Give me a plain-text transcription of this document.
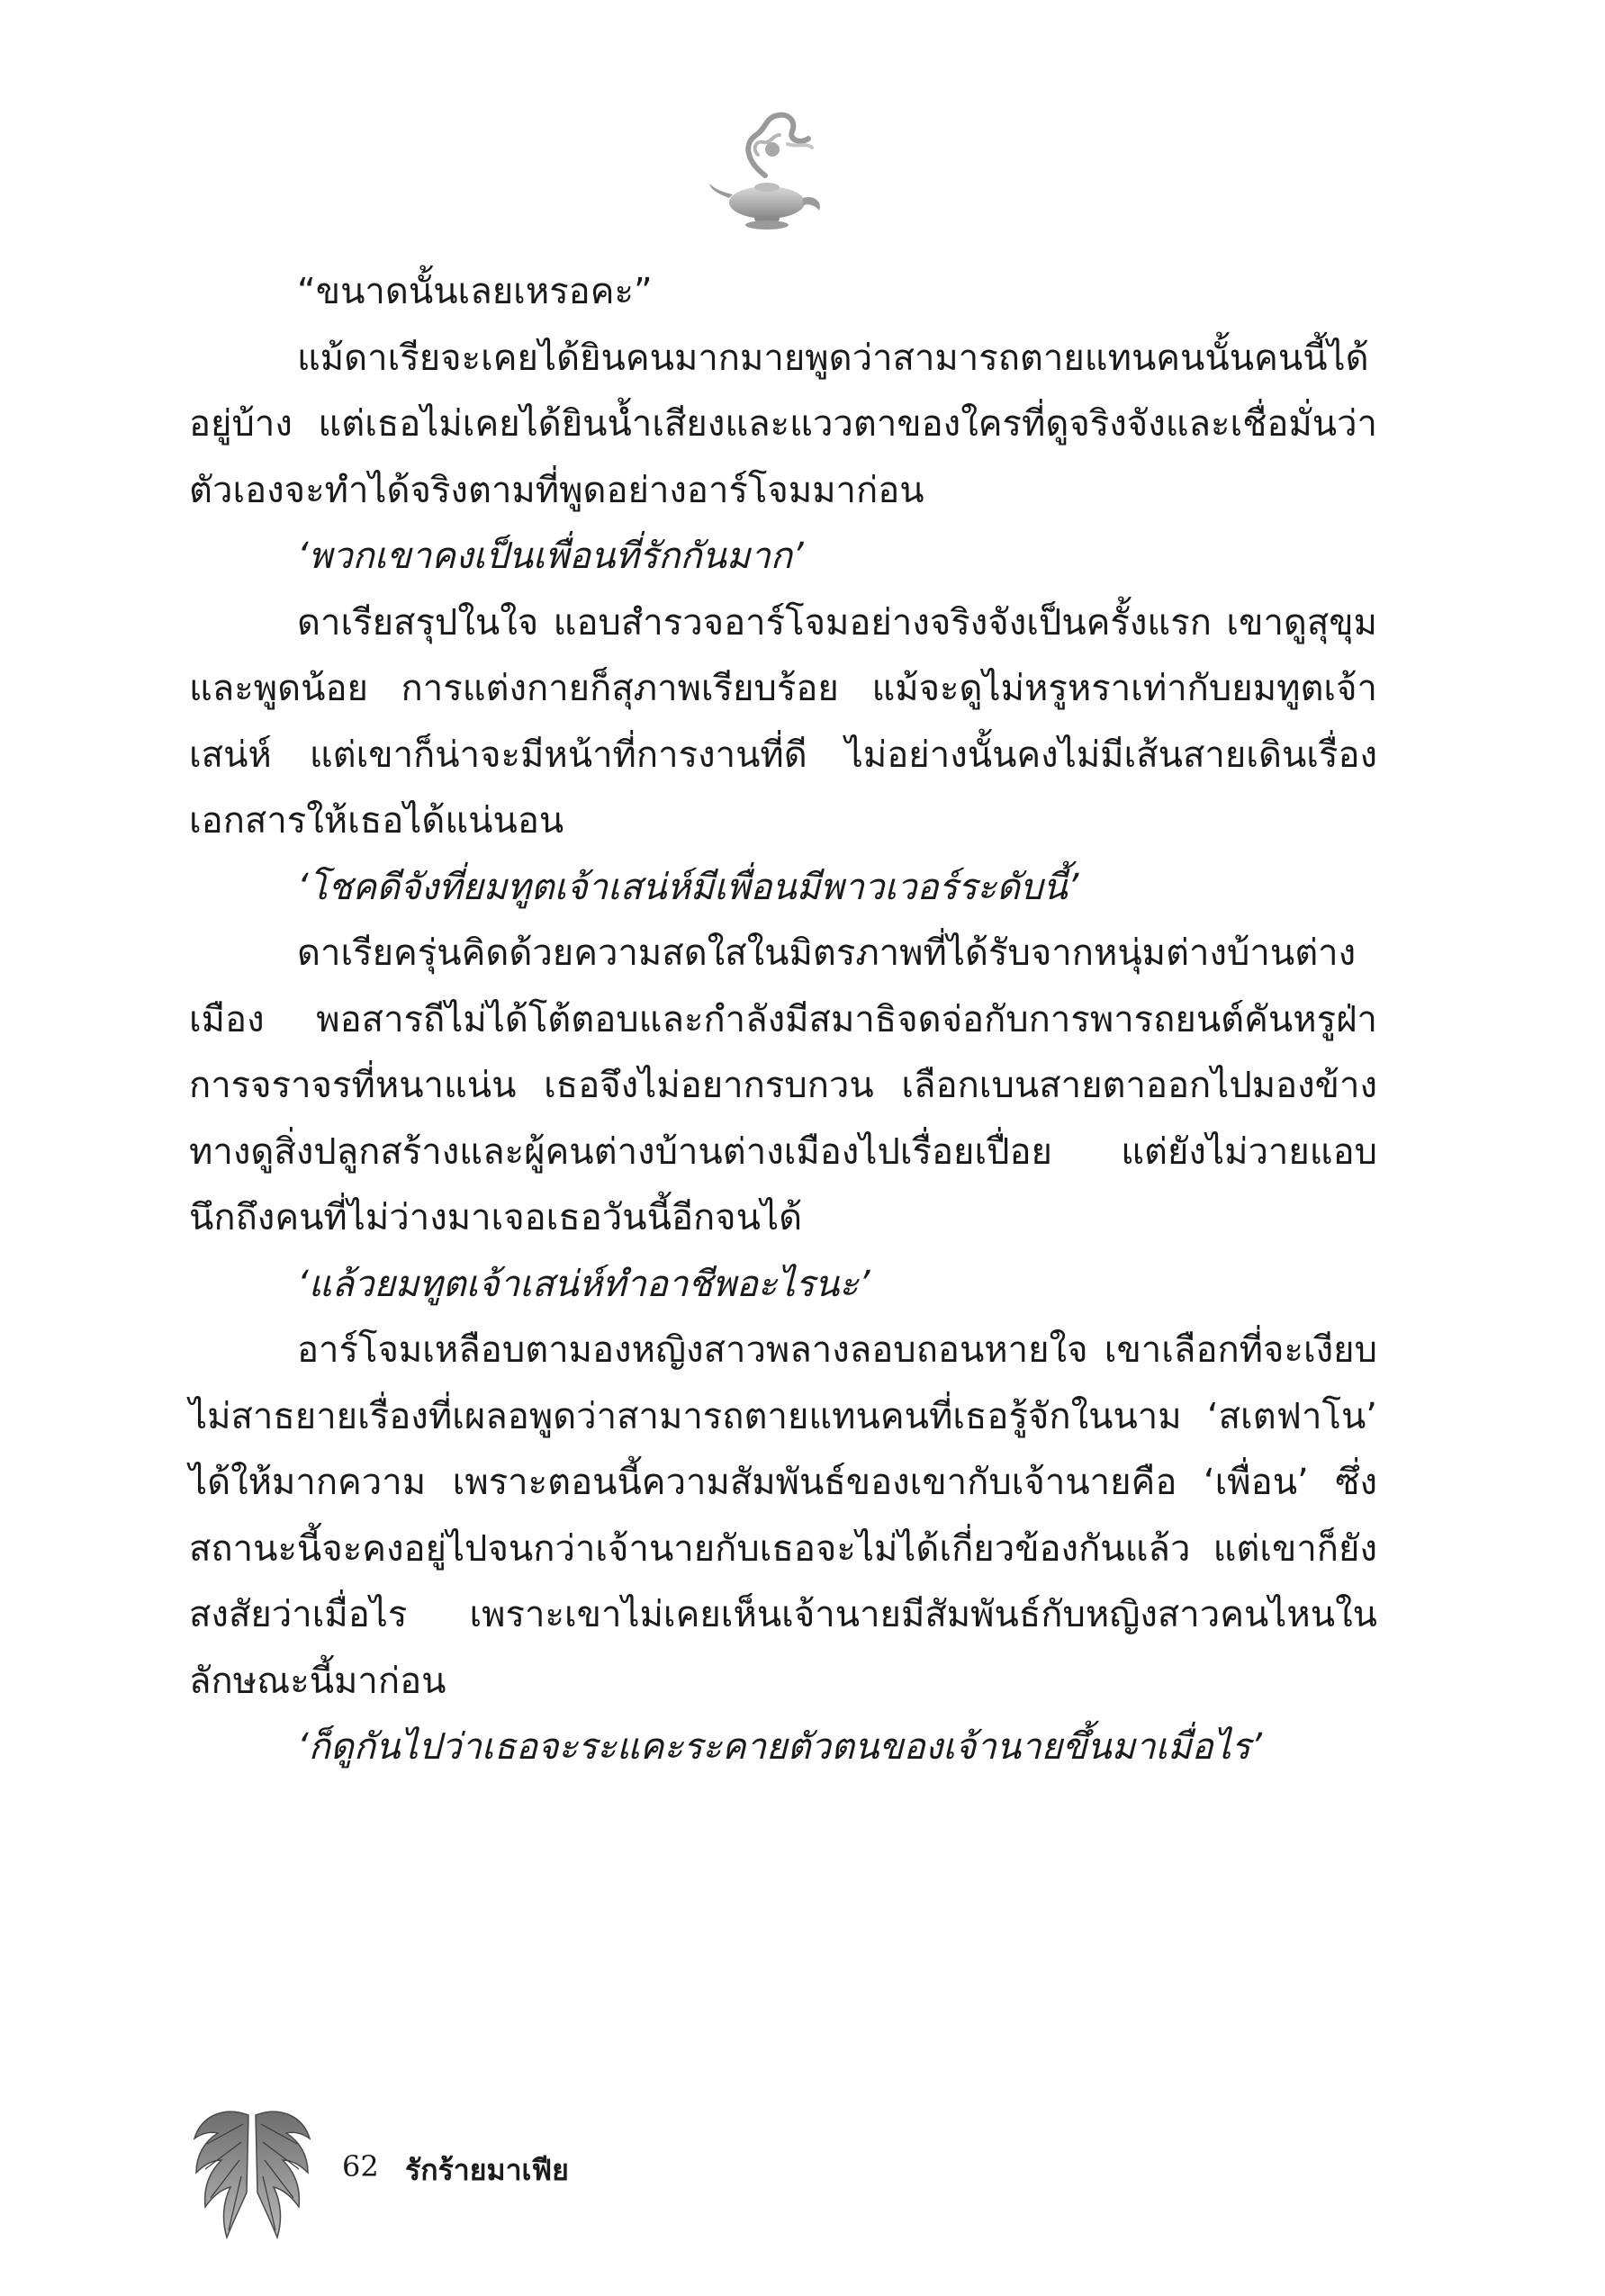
“ขนาดนั้นเลยเหรอคะ”

แม้ดาเรียจะเคยได้ยินคนมากมายพูดว่าสามารถตายแทนคนนั้นคนนี้ได้อยู่บ้าง แต่เธอไม่เคยได้ยินน้ำเสียงและแววตาของใครที่ดูจริงจังและเชื่อมั่นว่าตัวเองจะทำได้จริงตามที่พูดอย่างอาร์โจมมาก่อน

‘พวกเขาคงเป็นเพื่อนที่รักกันมาก’

ดาเรียสรุปในใจ แอบสำรวจอาร์โจมอย่างจริงจังเป็นครั้งแรก เขาดูสุขุม และพูดน้อย การแต่งกายก็สุภาพเรียบร้อย แม้จะดูไม่หรูหราเท่ากับยมทูตเจ้าเสน่ห์ แต่เขาก็น่าจะมีหน้าที่การงานที่ดี ไม่อย่างนั้นคงไม่มีเส้นสายเดินเรื่องเอกสารให้เธอได้แน่นอน

‘โชคดีจังที่ยมทูตเจ้าเสน่ห์มีเพื่อนมีพาวเวอร์ระดับนี้’

ดาเรียครุ่นคิดด้วยความสดใสในมิตรภาพที่ได้รับจากหนุ่มต่างบ้านต่างเมือง พอสารถีไม่ได้โต้ตอบและกำลังมีสมาธิจดจ่อกับการพารถยนต์คันหรูฝ่าการจราจรที่หนาแน่น เธอจึงไม่อยากรบกวน เลือกเบนสายตาออกไปมองข้างทางดูสิ่งปลูกสร้างและผู้คนต่างบ้านต่างเมืองไปเรื่อยเปื่อย แต่ยังไม่วายแอบนึกถึงคนที่ไม่ว่างมาเจอเธอวันนี้อีกจนได้

‘แล้วยมทูตเจ้าเสน่ห์ทำอาชีพอะไรนะ’

อาร์โจมเหลือบตามองหญิงสาวพลางลอบถอนหายใจ เขาเลือกที่จะเงียบ ไม่สาธยายเรื่องที่เผลอพูดว่าสามารถตายแทนคนที่เธอรู้จักในนาม ‘สเตฟาโน’ ได้ให้มากความ เพราะตอนนี้ความสัมพันธ์ของเขากับเจ้านายคือ ‘เพื่อน’ ซึ่งสถานะนี้จะคงอยู่ไปจนกว่าเจ้านายกับเธอจะไม่ได้เกี่ยวข้องกันแล้ว แต่เขาก็ยังสงสัยว่าเมื่อไร เพราะเขาไม่เคยเห็นเจ้านายมีสัมพันธ์กับหญิงสาวคนไหนในลักษณะนี้มาก่อน

‘ก็ดูกันไปว่าเธอจะระแคะระคายตัวตนของเจ้านายขึ้นมาเมื่อไร’

62 รักร้ายมาเฟีย
